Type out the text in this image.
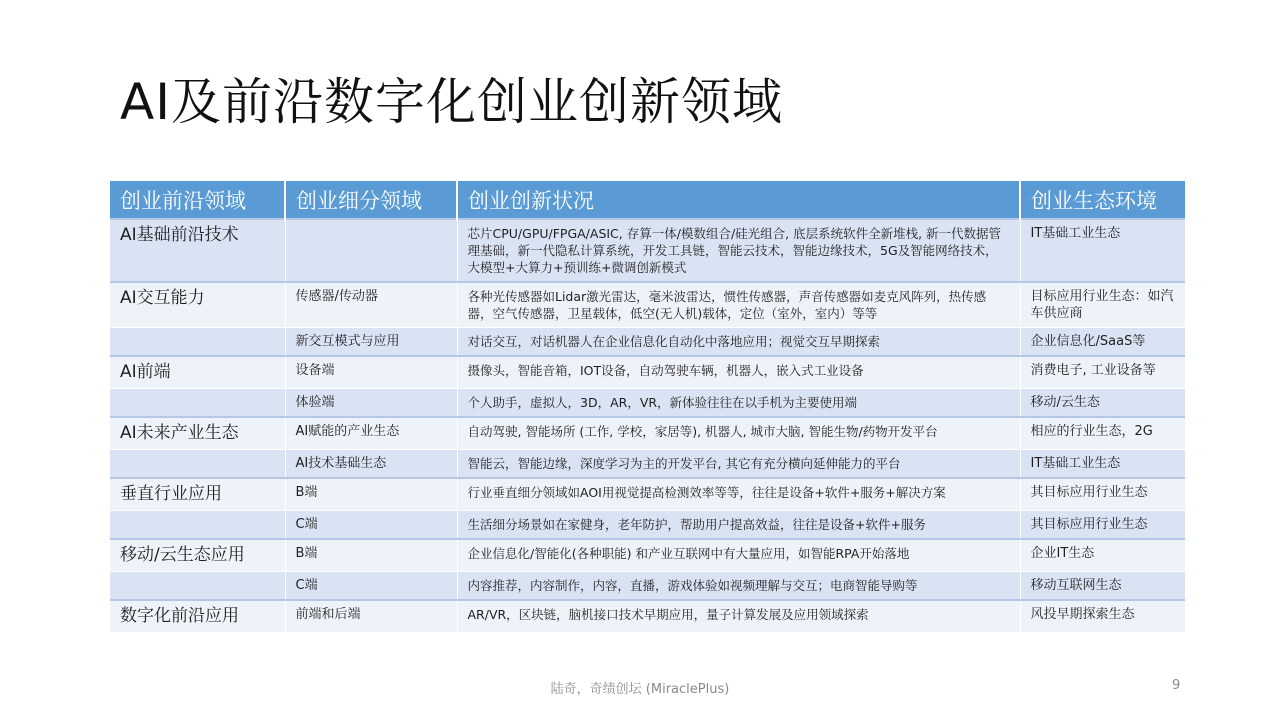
AI及前沿数字化创业创新领域
创业前沿领域	创业细分领域	创业创新状况	创业生态环境
AI基础前沿技术		芯片CPU/GPU/FPGA/ASIC, 存算一体/模数组合/硅光组合, 底层系统软件全新堆栈, 新一代数据管理基础，新一代隐私计算系统，开发工具链，智能云技术，智能边缘技术，5G及智能网络技术，大模型+大算力+预训练+微调创新模式	IT基础工业生态
AI交互能力	传感器/传动器	各种光传感器如Lidar激光雷达，毫米波雷达，惯性传感器，声音传感器如麦克风阵列，热传感器，空气传感器，卫星载体，低空(无人机)载体，定位（室外，室内）等等	目标应用行业生态：如汽车供应商
	新交互模式与应用	对话交互，对话机器人在企业信息化自动化中落地应用；视觉交互早期探索	企业信息化/SaaS等
AI前端	设备端	摄像头，智能音箱，IOT设备，自动驾驶车辆，机器人，嵌入式工业设备	消费电子, 工业设备等
	体验端	个人助手，虚拟人，3D，AR，VR，新体验往往在以手机为主要使用端	移动/云生态
AI未来产业生态	AI赋能的产业生态	自动驾驶, 智能场所 (工作, 学校，家居等), 机器人, 城市大脑, 智能生物/药物开发平台	相应的行业生态，2G
	AI技术基础生态	智能云，智能边缘，深度学习为主的开发平台, 其它有充分横向延伸能力的平台	IT基础工业生态
垂直行业应用	B端	行业垂直细分领域如AOI用视觉提高检测效率等等，往往是设备+软件+服务+解决方案	其目标应用行业生态
	C端	生活细分场景如在家健身，老年防护，帮助用户提高效益，往往是设备+软件+服务	其目标应用行业生态
移动/云生态应用	B端	企业信息化/智能化(各种职能) 和产业互联网中有大量应用，如智能RPA开始落地	企业IT生态
	C端	内容推荐，内容制作，内容，直播，游戏体验如视频理解与交互；电商智能导购等	移动互联网生态
数字化前沿应用	前端和后端	AR/VR，区块链，脑机接口技术早期应用，量子计算发展及应用领域探索	风投早期探索生态
陆奇，奇绩创坛 (MiraclePlus)	9
